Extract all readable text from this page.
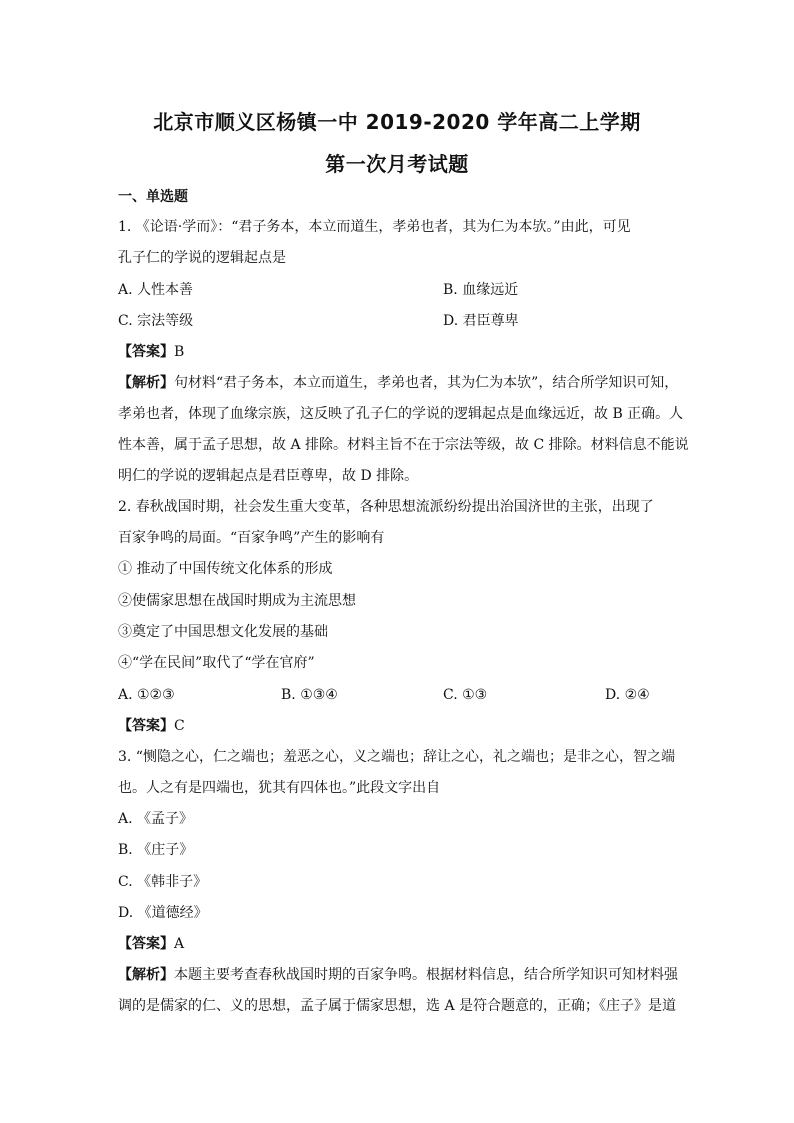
北京市顺义区杨镇一中 2019-2020 学年高二上学期
第一次月考试题
一、单选题
1. 《论语·学而》：“君子务本，本立而道生，孝弟也者，其为仁为本欤。”由此，可见
孔子仁的学说的逻辑起点是
A. 人性本善	B. 血缘远近
C. 宗法等级	D. 君臣尊卑
【答案】B
【解析】句材料“君子务本，本立而道生，孝弟也者，其为仁为本欤”，结合所学知识可知，
孝弟也者，体现了血缘宗族，这反映了孔子仁的学说的逻辑起点是血缘远近，故 B 正确。人
性本善，属于孟子思想，故 A 排除。材料主旨不在于宗法等级，故 C 排除。材料信息不能说
明仁的学说的逻辑起点是君臣尊卑，故 D 排除。
2. 春秋战国时期，社会发生重大变革，各种思想流派纷纷提出治国济世的主张，出现了
百家争鸣的局面。“百家争鸣”产生的影响有
① 推动了中国传统文化体系的形成
②使儒家思想在战国时期成为主流思想
③奠定了中国思想文化发展的基础
④“学在民间”取代了“学在官府”
A. ①②③	B. ①③④	C. ①③	D. ②④
【答案】C
3. “恻隐之心，仁之端也；羞恶之心，义之端也；辞让之心，礼之端也；是非之心，智之端
也。人之有是四端也，犹其有四体也。”此段文字出自
A. 《孟子》
B. 《庄子》
C. 《韩非子》
D. 《道德经》
【答案】A
【解析】本题主要考查春秋战国时期的百家争鸣。根据材料信息，结合所学知识可知材料强
调的是儒家的仁、义的思想，孟子属于儒家思想，选 A 是符合题意的，正确；《庄子》是道
